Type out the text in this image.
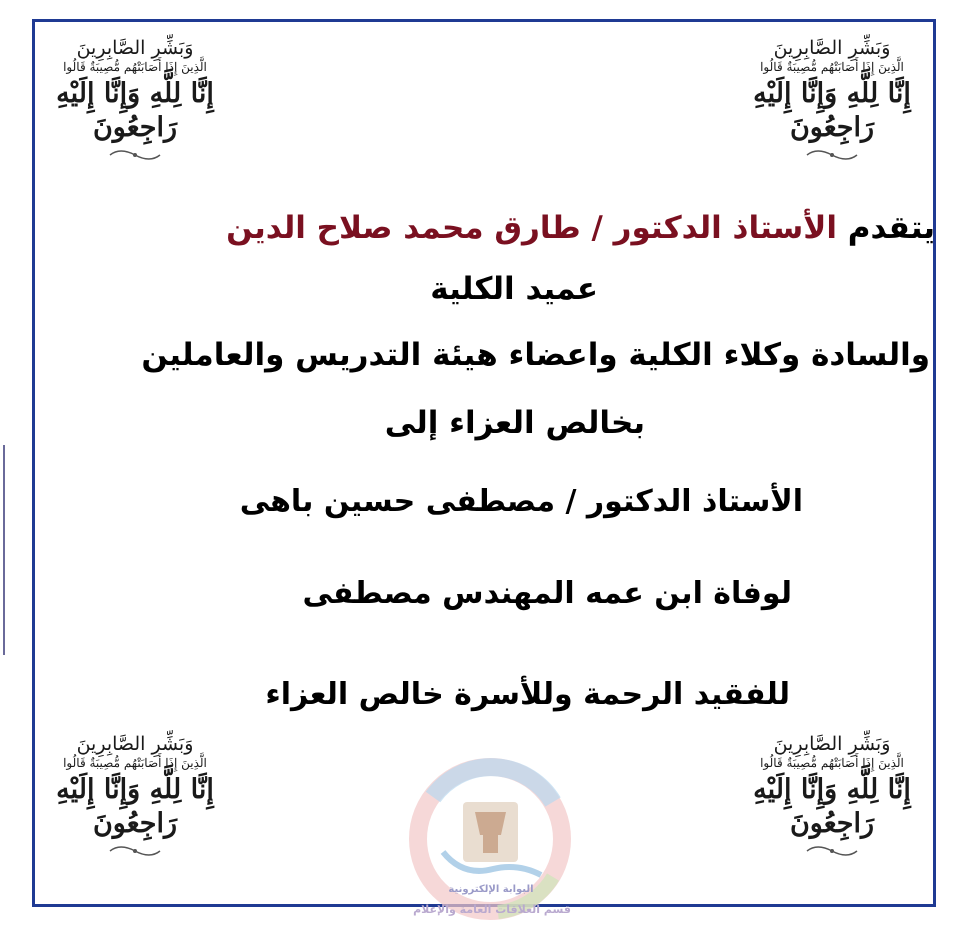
وَبَشِّرِ الصَّابِرِينَ
الَّذِينَ إِذَا أَصَابَتْهُم مُّصِيبَةٌ قَالُوا
إِنَّا لِلَّهِ وَإِنَّا إِلَيْهِ رَاجِعُونَ
وَبَشِّرِ الصَّابِرِينَ
الَّذِينَ إِذَا أَصَابَتْهُم مُّصِيبَةٌ قَالُوا
إِنَّا لِلَّهِ وَإِنَّا إِلَيْهِ رَاجِعُونَ
وَبَشِّرِ الصَّابِرِينَ
الَّذِينَ إِذَا أَصَابَتْهُم مُّصِيبَةٌ قَالُوا
إِنَّا لِلَّهِ وَإِنَّا إِلَيْهِ رَاجِعُونَ
وَبَشِّرِ الصَّابِرِينَ
الَّذِينَ إِذَا أَصَابَتْهُم مُّصِيبَةٌ قَالُوا
إِنَّا لِلَّهِ وَإِنَّا إِلَيْهِ رَاجِعُونَ
يتقدم الأستاذ الدكتور / طارق محمد صلاح الدين
عميد الكلية
والسادة وكلاء الكلية واعضاء هيئة التدريس والعاملين
بخالص العزاء إلى
الأستاذ الدكتور / مصطفى حسين باهى
لوفاة ابن عمه المهندس مصطفى
للفقيد الرحمة وللأسرة خالص العزاء
البوابة الإلكترونية
قسم العلاقات العامة والإعلام
